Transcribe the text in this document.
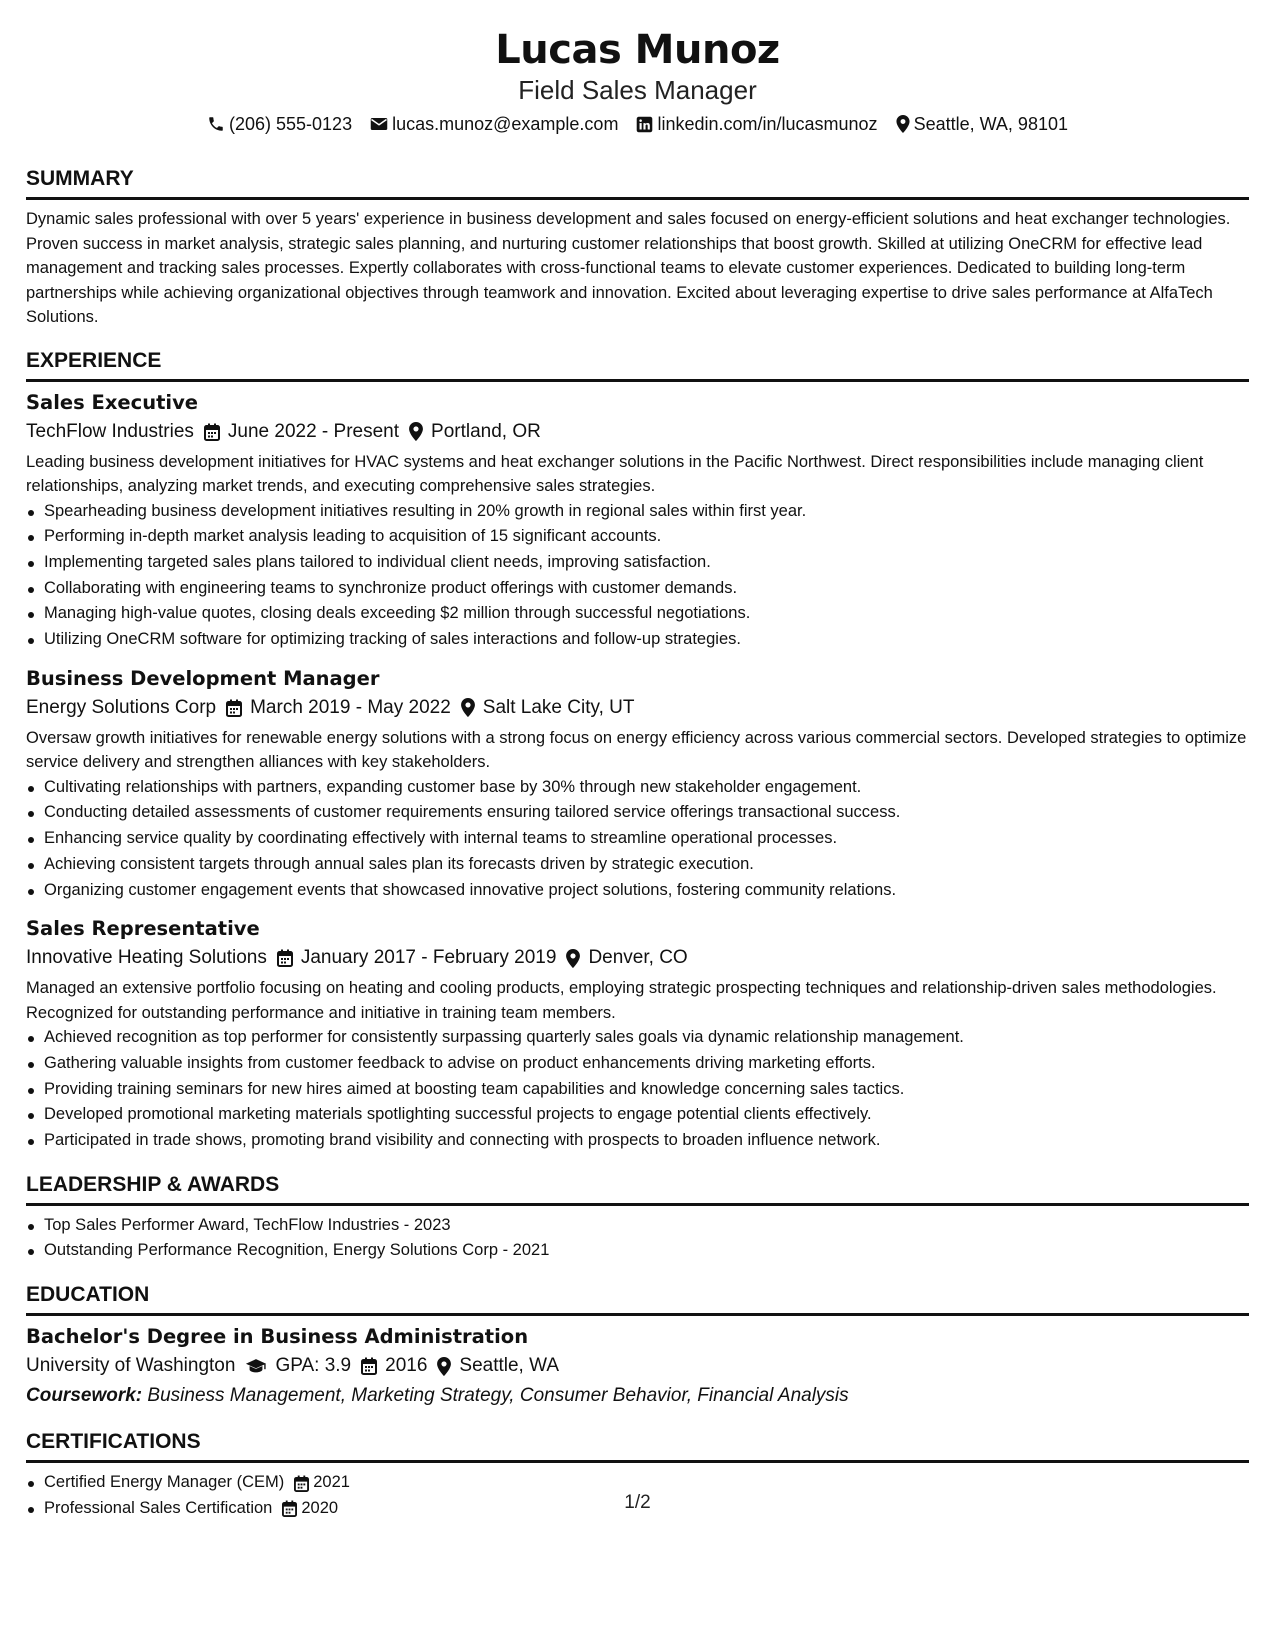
Lucas Munoz
Field Sales Manager
(206) 555-0123 lucas.munoz@example.com linkedin.com/in/lucasmunoz Seattle, WA, 98101
SUMMARY

Dynamic sales professional with over 5 years' experience in business development and sales focused on energy-efficient solutions and heat exchanger technologies. Proven success in market analysis, strategic sales planning, and nurturing customer relationships that boost growth. Skilled at utilizing OneCRM for effective lead management and tracking sales processes. Expertly collaborates with cross-functional teams to elevate customer experiences. Dedicated to building long-term partnerships while achieving organizational objectives through teamwork and innovation. Excited about leveraging expertise to drive sales performance at AlfaTech Solutions.

EXPERIENCE
Sales Executive
TechFlow Industries June 2022 - Present Portland, OR

Leading business development initiatives for HVAC systems and heat exchanger solutions in the Pacific Northwest. Direct responsibilities include managing client relationships, analyzing market trends, and executing comprehensive sales strategies.

Spearheading business development initiatives resulting in 20% growth in regional sales within first year.
Performing in-depth market analysis leading to acquisition of 15 significant accounts.
Implementing targeted sales plans tailored to individual client needs, improving satisfaction.
Collaborating with engineering teams to synchronize product offerings with customer demands.
Managing high-value quotes, closing deals exceeding $2 million through successful negotiations.
Utilizing OneCRM software for optimizing tracking of sales interactions and follow-up strategies.
Business Development Manager
Energy Solutions Corp March 2019 - May 2022 Salt Lake City, UT

Oversaw growth initiatives for renewable energy solutions with a strong focus on energy efficiency across various commercial sectors. Developed strategies to optimize service delivery and strengthen alliances with key stakeholders.

Cultivating relationships with partners, expanding customer base by 30% through new stakeholder engagement.
Conducting detailed assessments of customer requirements ensuring tailored service offerings transactional success.
Enhancing service quality by coordinating effectively with internal teams to streamline operational processes.
Achieving consistent targets through annual sales plan its forecasts driven by strategic execution.
Organizing customer engagement events that showcased innovative project solutions, fostering community relations.
Sales Representative
Innovative Heating Solutions January 2017 - February 2019 Denver, CO

Managed an extensive portfolio focusing on heating and cooling products, employing strategic prospecting techniques and relationship-driven sales methodologies. Recognized for outstanding performance and initiative in training team members.

Achieved recognition as top performer for consistently surpassing quarterly sales goals via dynamic relationship management.
Gathering valuable insights from customer feedback to advise on product enhancements driving marketing efforts.
Providing training seminars for new hires aimed at boosting team capabilities and knowledge concerning sales tactics.
Developed promotional marketing materials spotlighting successful projects to engage potential clients effectively.
Participated in trade shows, promoting brand visibility and connecting with prospects to broaden influence network.
LEADERSHIP & AWARDS
Top Sales Performer Award, TechFlow Industries - 2023
Outstanding Performance Recognition, Energy Solutions Corp - 2021
EDUCATION
Bachelor's Degree in Business Administration
University of Washington GPA: 3.9 2016 Seattle, WA
Coursework: Business Management, Marketing Strategy, Consumer Behavior, Financial Analysis
CERTIFICATIONS
Certified Energy Manager (CEM) 2021
Professional Sales Certification 2020	1/2
